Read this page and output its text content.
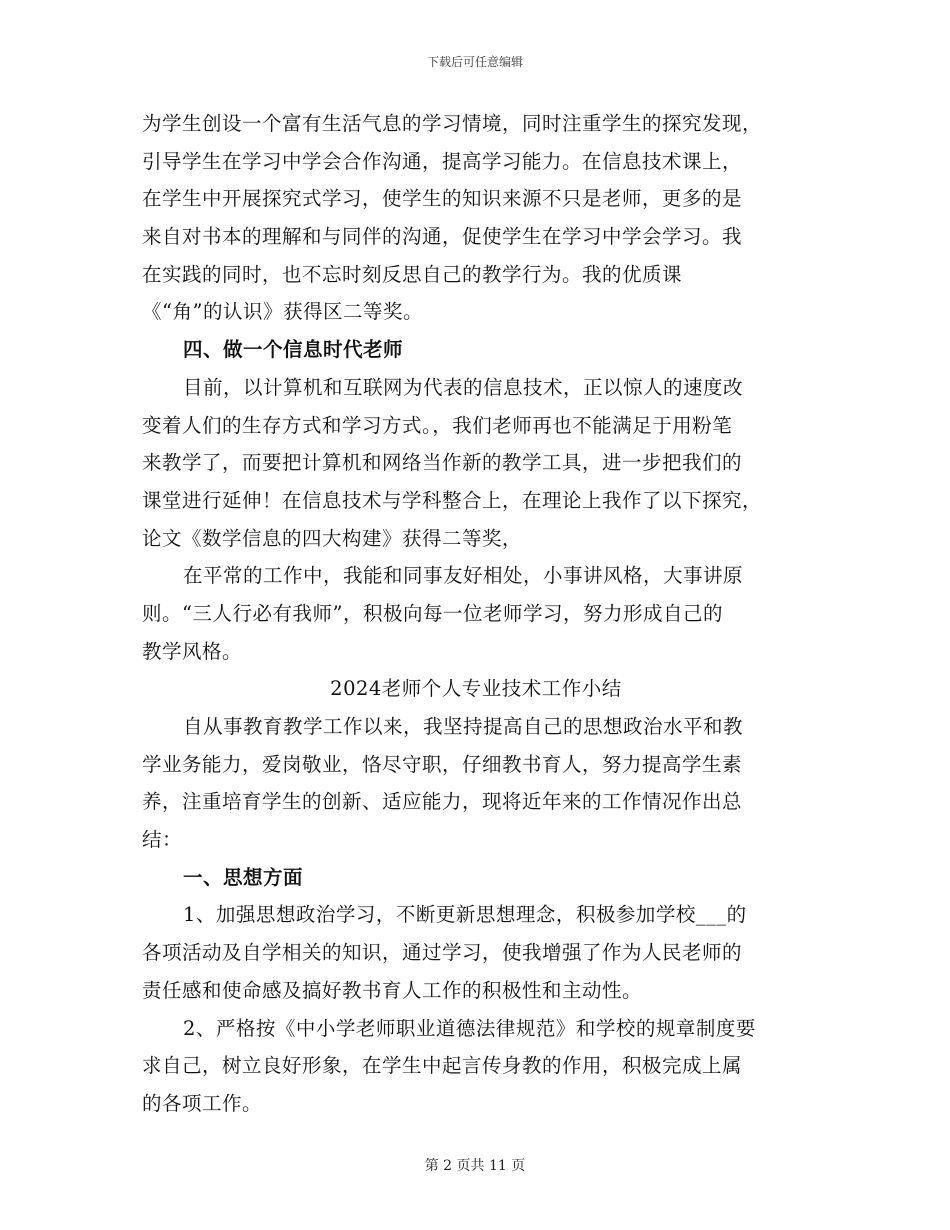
下载后可任意编辑
为学生创设一个富有生活气息的学习情境，同时注重学生的探究发现，
引导学生在学习中学会合作沟通，提高学习能力。在信息技术课上，
在学生中开展探究式学习，使学生的知识来源不只是老师，更多的是
来自对书本的理解和与同伴的沟通，促使学生在学习中学会学习。我
在实践的同时，也不忘时刻反思自己的教学行为。我的优质课
《“角”的认识》获得区二等奖。
四、做一个信息时代老师
目前，以计算机和互联网为代表的信息技术，正以惊人的速度改
变着人们的生存方式和学习方式。，我们老师再也不能满足于用粉笔
来教学了，而要把计算机和网络当作新的教学工具，进一步把我们的
课堂进行延伸！在信息技术与学科整合上，在理论上我作了以下探究，
论文《数学信息的四大构建》获得二等奖，
在平常的工作中，我能和同事友好相处，小事讲风格，大事讲原
则。“三人行必有我师”，积极向每一位老师学习，努力形成自己的
教学风格。
2024老师个人专业技术工作小结
自从事教育教学工作以来，我坚持提高自己的思想政治水平和教
学业务能力，爱岗敬业，恪尽守职，仔细教书育人，努力提高学生素
养，注重培育学生的创新、适应能力，现将近年来的工作情况作出总
结：
一、思想方面
1、加强思想政治学习，不断更新思想理念，积极参加学校___的
各项活动及自学相关的知识，通过学习，使我增强了作为人民老师的
责任感和使命感及搞好教书育人工作的积极性和主动性。
2、严格按《中小学老师职业道德法律规范》和学校的规章制度要
求自己，树立良好形象，在学生中起言传身教的作用，积极完成上属
的各项工作。
第 2 页共 11 页
